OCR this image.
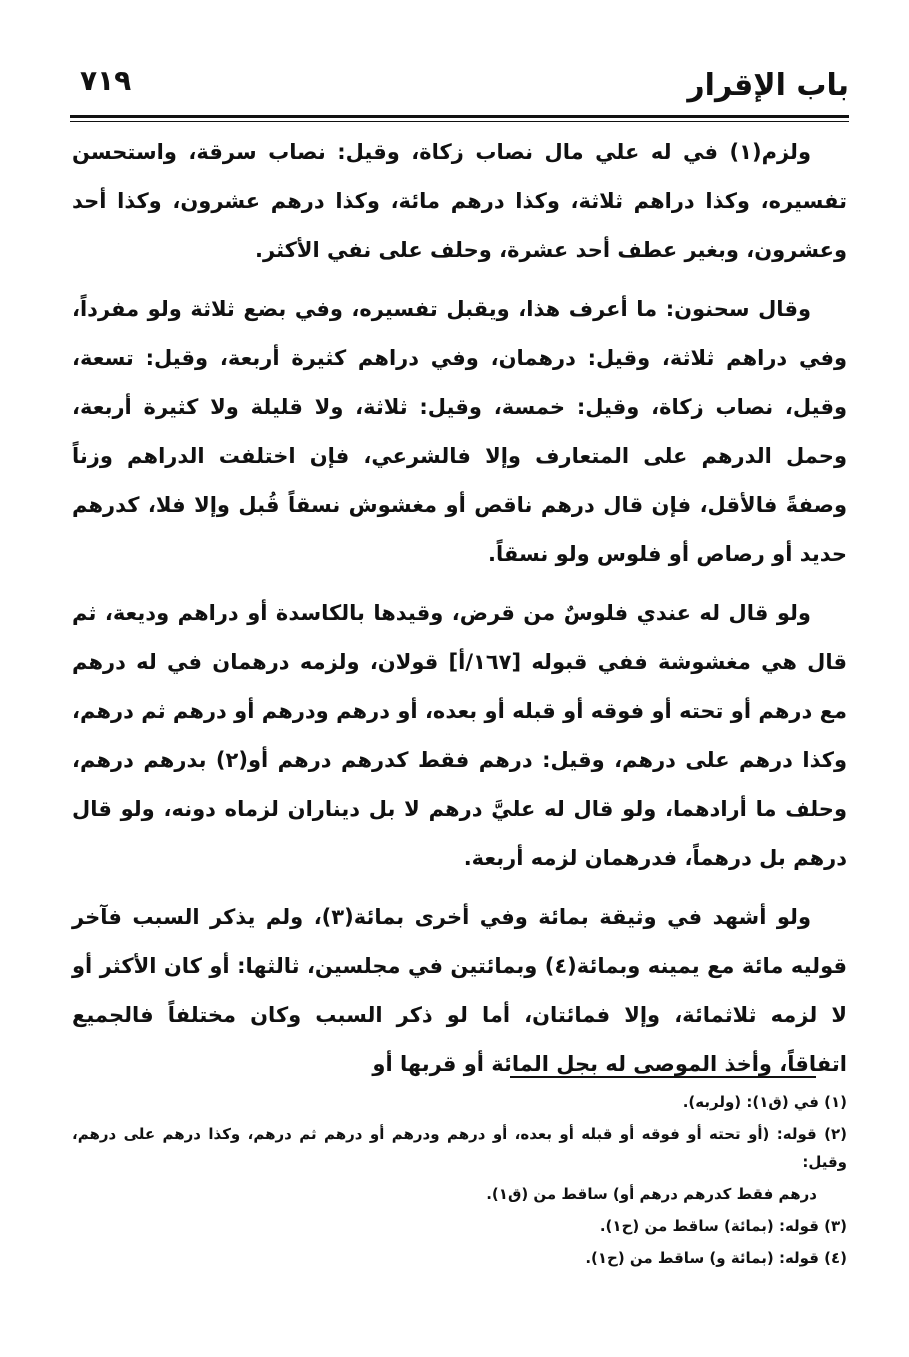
باب الإقرار
٧١٩

ولزم(١) في له علي مال نصاب زكاة، وقيل: نصاب سرقة، واستحسن تفسيره، وكذا دراهم ثلاثة، وكذا درهم مائة، وكذا درهم عشرون، وكذا أحد وعشرون، وبغير عطف أحد عشرة، وحلف على نفي الأكثر.

وقال سحنون: ما أعرف هذا، ويقبل تفسيره، وفي بضع ثلاثة ولو مفرداً، وفي دراهم ثلاثة، وقيل: درهمان، وفي دراهم كثيرة أربعة، وقيل: تسعة، وقيل، نصاب زكاة، وقيل: خمسة، وقيل: ثلاثة، ولا قليلة ولا كثيرة أربعة، وحمل الدرهم على المتعارف وإلا فالشرعي، فإن اختلفت الدراهم وزناً وصفةً فالأقل، فإن قال درهم ناقص أو مغشوش نسقاً قُبل وإلا فلا، كدرهم حديد أو رصاص أو فلوس ولو نسقاً.

ولو قال له عندي فلوسٌ من قرض، وقيدها بالكاسدة أو دراهم وديعة، ثم قال هي مغشوشة ففي قبوله [١٦٧/أ] قولان، ولزمه درهمان في له درهم مع درهم أو تحته أو فوقه أو قبله أو بعده، أو درهم ودرهم أو درهم ثم درهم، وكذا درهم على درهم، وقيل: درهم فقط كدرهم درهم أو(٢) بدرهم درهم، وحلف ما أرادهما، ولو قال له عليَّ درهم لا بل ديناران لزماه دونه، ولو قال درهم بل درهماً، فدرهمان لزمه أربعة.

ولو أشهد في وثيقة بمائة وفي أخرى بمائة(٣)، ولم يذكر السبب فآخر قوليه مائة مع يمينه وبمائة(٤) وبمائتين في مجلسين، ثالثها: أو كان الأكثر أو لا لزمه ثلاثمائة، وإلا فمائتان، أما لو ذكر السبب وكان مختلفاً فالجميع اتفاقاً، وأخذ الموصى له بجل المائة أو قربها أو

(١) في (ق١): (ولربه).

(٢) قوله: (أو تحته أو فوقه أو قبله أو بعده، أو درهم ودرهم أو درهم ثم درهم، وكذا درهم على درهم، وقيل:

درهم فقط كدرهم درهم أو) ساقط من (ق١).

(٣) قوله: (بمائة) ساقط من (ح١).

(٤) قوله: (بمائة و) ساقط من (ح١).
